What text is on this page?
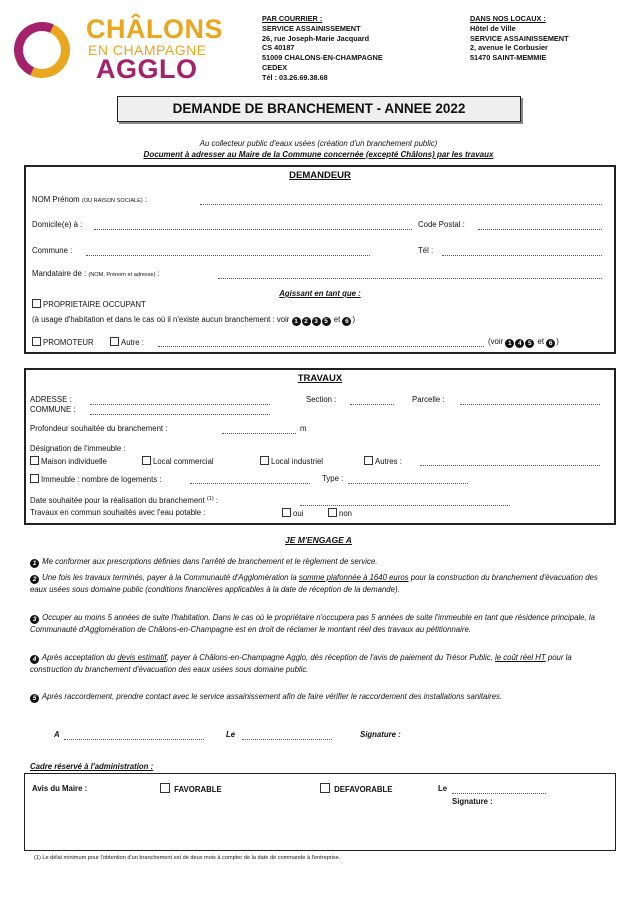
CHÂLONS
EN CHAMPAGNE
AGGLO
PAR COURRIER :
SERVICE ASSAINISSEMENT
26, rue Joseph-Marie Jacquard
CS 40187
51009 CHALONS-EN-CHAMPAGNE
CEDEX
Tél : 03.26.69.38.68
DANS NOS LOCAUX :
Hôtel de Ville
SERVICE ASSAINISSEMENT
2, avenue le Corbusier
51470 SAINT-MEMMIE
DEMANDE DE BRANCHEMENT - ANNEE 2022
Au collecteur public d'eaux usées (création d'un branchement public)
Document à adresser au Maire de la Commune concernée (excepté Châlons) par les travaux
DEMANDEUR
NOM Prénom (OU RAISON SOCIALE) :
Domicile(e) à :	Code Postal :
Commune :	Tél :
Mandataire de : (NOM, Prénom et adresse) :
Agissant en tant que :
PROPRIETAIRE OCCUPANT
(à usage d'habitation et dans le cas où il n'existe aucun branchement : voir 1 2 3 5 et 6 )
PROMOTEUR	Autre :	(voir 1 4 5 et 6 )
TRAVAUX
ADRESSE :
COMMUNE :
Section :	Parcelle :
Profondeur souhaitée du branchement :	m
Désignation de l'immeuble :
Maison individuelle	Local commercial	Local industriel	Autres :
Immeuble : nombre de logements :	Type :
Date souhaitée pour la réalisation du branchement $^{(1)}$ :
Travaux en commun souhaités avec l'eau potable :	oui	non
JE M'ENGAGE A
1 Me conformer aux prescriptions définies dans l'arrêté de branchement et le règlement de service.
2 Une fois les travaux terminés, payer à la Communauté d'Agglomération la somme plafonnée à 1640 euros pour la construction du branchement d'évacuation des eaux usées sous domaine public (conditions financières applicables à la date de réception de la demande).
3 Occuper au moins 5 années de suite l'habitation. Dans le cas où le propriétaire n'occupera pas 5 années de suite l'immeuble en tant que résidence principale, la Communauté d'Agglomération de Châlons-en-Champagne est en droit de réclamer le montant réel des travaux au pétitionnaire.
4 Après acceptation du devis estimatif, payer à Châlons-en-Champagne Agglo, dès réception de l'avis de paiement du Trésor Public, le coût réel HT pour la construction du branchement d'évacuation des eaux usées sous domaine public.
5 Après raccordement, prendre contact avec le service assainissement afin de faire vérifier le raccordement des installations sanitaires.
A	Le	Signature :
Cadre réservé à l'administration :
Avis du Maire :	FAVORABLE	DEFAVORABLE	Le
Signature :
(1) Le délai minimum pour l'obtention d'un branchement est de deux mois à compter de la date de commande à l'entreprise.
